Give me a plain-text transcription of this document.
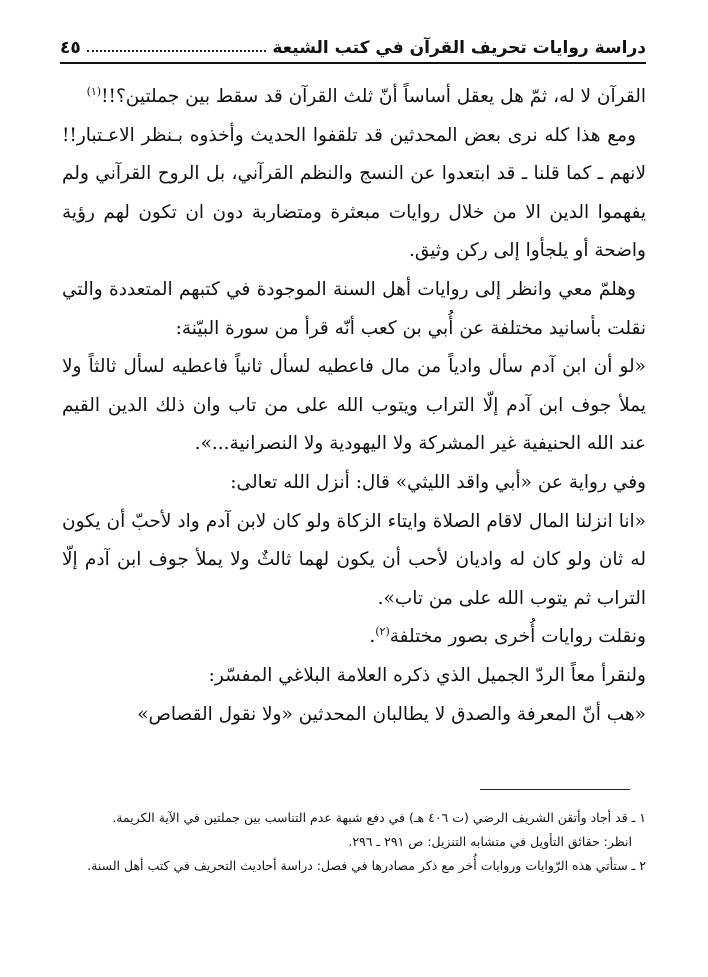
دراسة روايات تحريف القرآن في كتب الشيعة
٤٥

القرآن لا له، ثمّ هل يعقل أساساً أنّ ثلث القرآن قد سقط بين جملتين؟!!$^{(١)}$

ومع هذا كله نرى بعض المحدثين قد تلقفوا الحديث وأخذوه بـنظر الاعـتبار!! لانهم ـ كما قلنا ـ قد ابتعدوا عن النسج والنظم القرآني، بل الروح القرآني ولم يفهموا الدين الا من خلال روايات مبعثرة ومتضاربة دون ان تكون لهم رؤية واضحة أو يلجأوا إلى ركن وثيق.

وهلمّ معي وانظر إلى روايات أهل السنة الموجودة في كتبهم المتعددة والتي نقلت بأسانيد مختلفة عن أُبي بن كعب أنّه قرأ من سورة البيّنة:

«لو أن ابن آدم سأل وادياً من مال فاعطيه لسأل ثانياً فاعطيه لسأل ثالثاً ولا يملأ جوف ابن آدم إلّا التراب ويتوب الله على من تاب وان ذلك الدين القيم عند الله الحنيفية غير المشركة ولا اليهودية ولا النصرانية...».

وفي رواية عن «أبي واقد الليثي» قال: أنزل الله تعالى:

«انا انزلنا المال لاقام الصلاة وايتاء الزكاة ولو كان لابن آدم واد لأحبّ أن يكون له ثان ولو كان له واديان لأحب أن يكون لهما ثالثٌ ولا يملأ جوف ابن آدم إلّا التراب ثم يتوب الله على من تاب».

ونقلت روايات أُخرى بصور مختلفة$^{(٢)}$.

ولنقرأ معاً الردّ الجميل الذي ذكره العلامة البلاغي المفسّر:

«هب أنّ المعرفة والصدق لا يطالبان المحدثين «ولا نقول القصاص»

١ ـ قد أجاد وأتقن الشريف الرضي (ت ٤٠٦ هـ) في دفع شبهة عدم التناسب بين جملتين في الآية الكريمة.

انظر: حقائق التأويل في متشابه التنزيل: ص ٢٩١ ـ ٢٩٦.

٢ ـ ستأتي هذه الرّوايات وروايات أُخر مع ذكر مصادرها في فصل: دراسة أحاديث التحريف في كتب أهل السنة.
